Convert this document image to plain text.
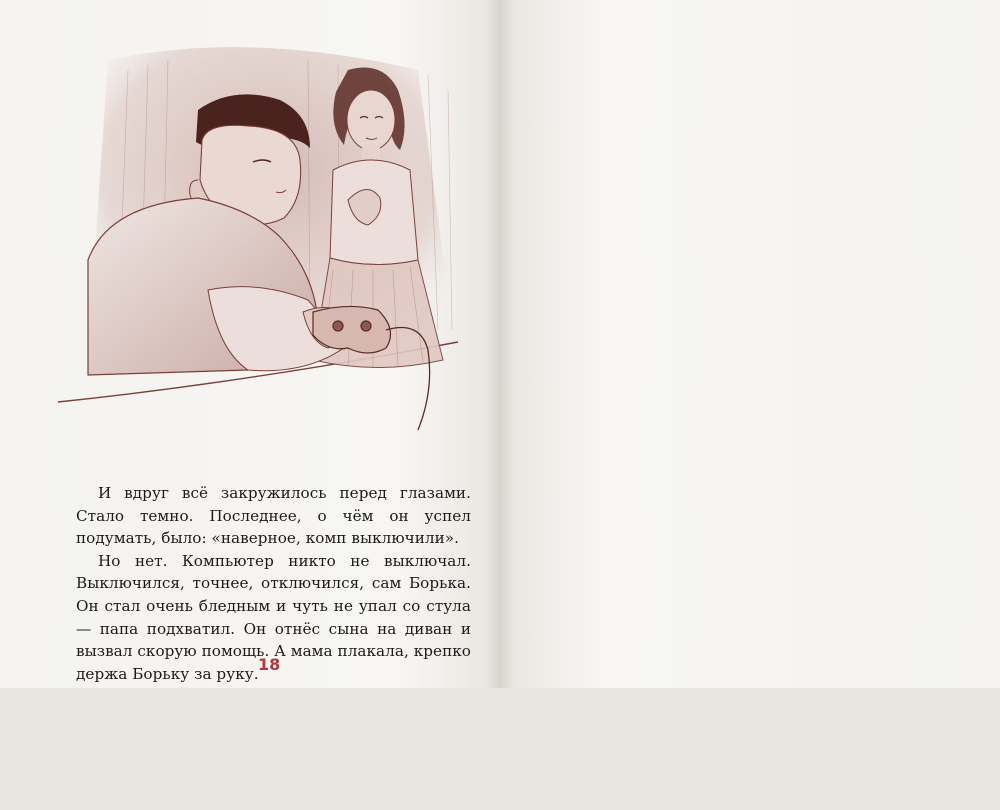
И вдруг всё закружилось перед глазами. Стало темно. Последнее, о чём он успел подумать, было: «наверное, комп выключили».

Но нет. Компьютер никто не выключал. Выключился, точнее, отключился, сам Борька. Он стал очень бледным и чуть не упал со стула — папа подхватил. Он отнёс сына на диван и вызвал скорую помощь. А мама плакала, крепко держа Борьку за руку. 18
